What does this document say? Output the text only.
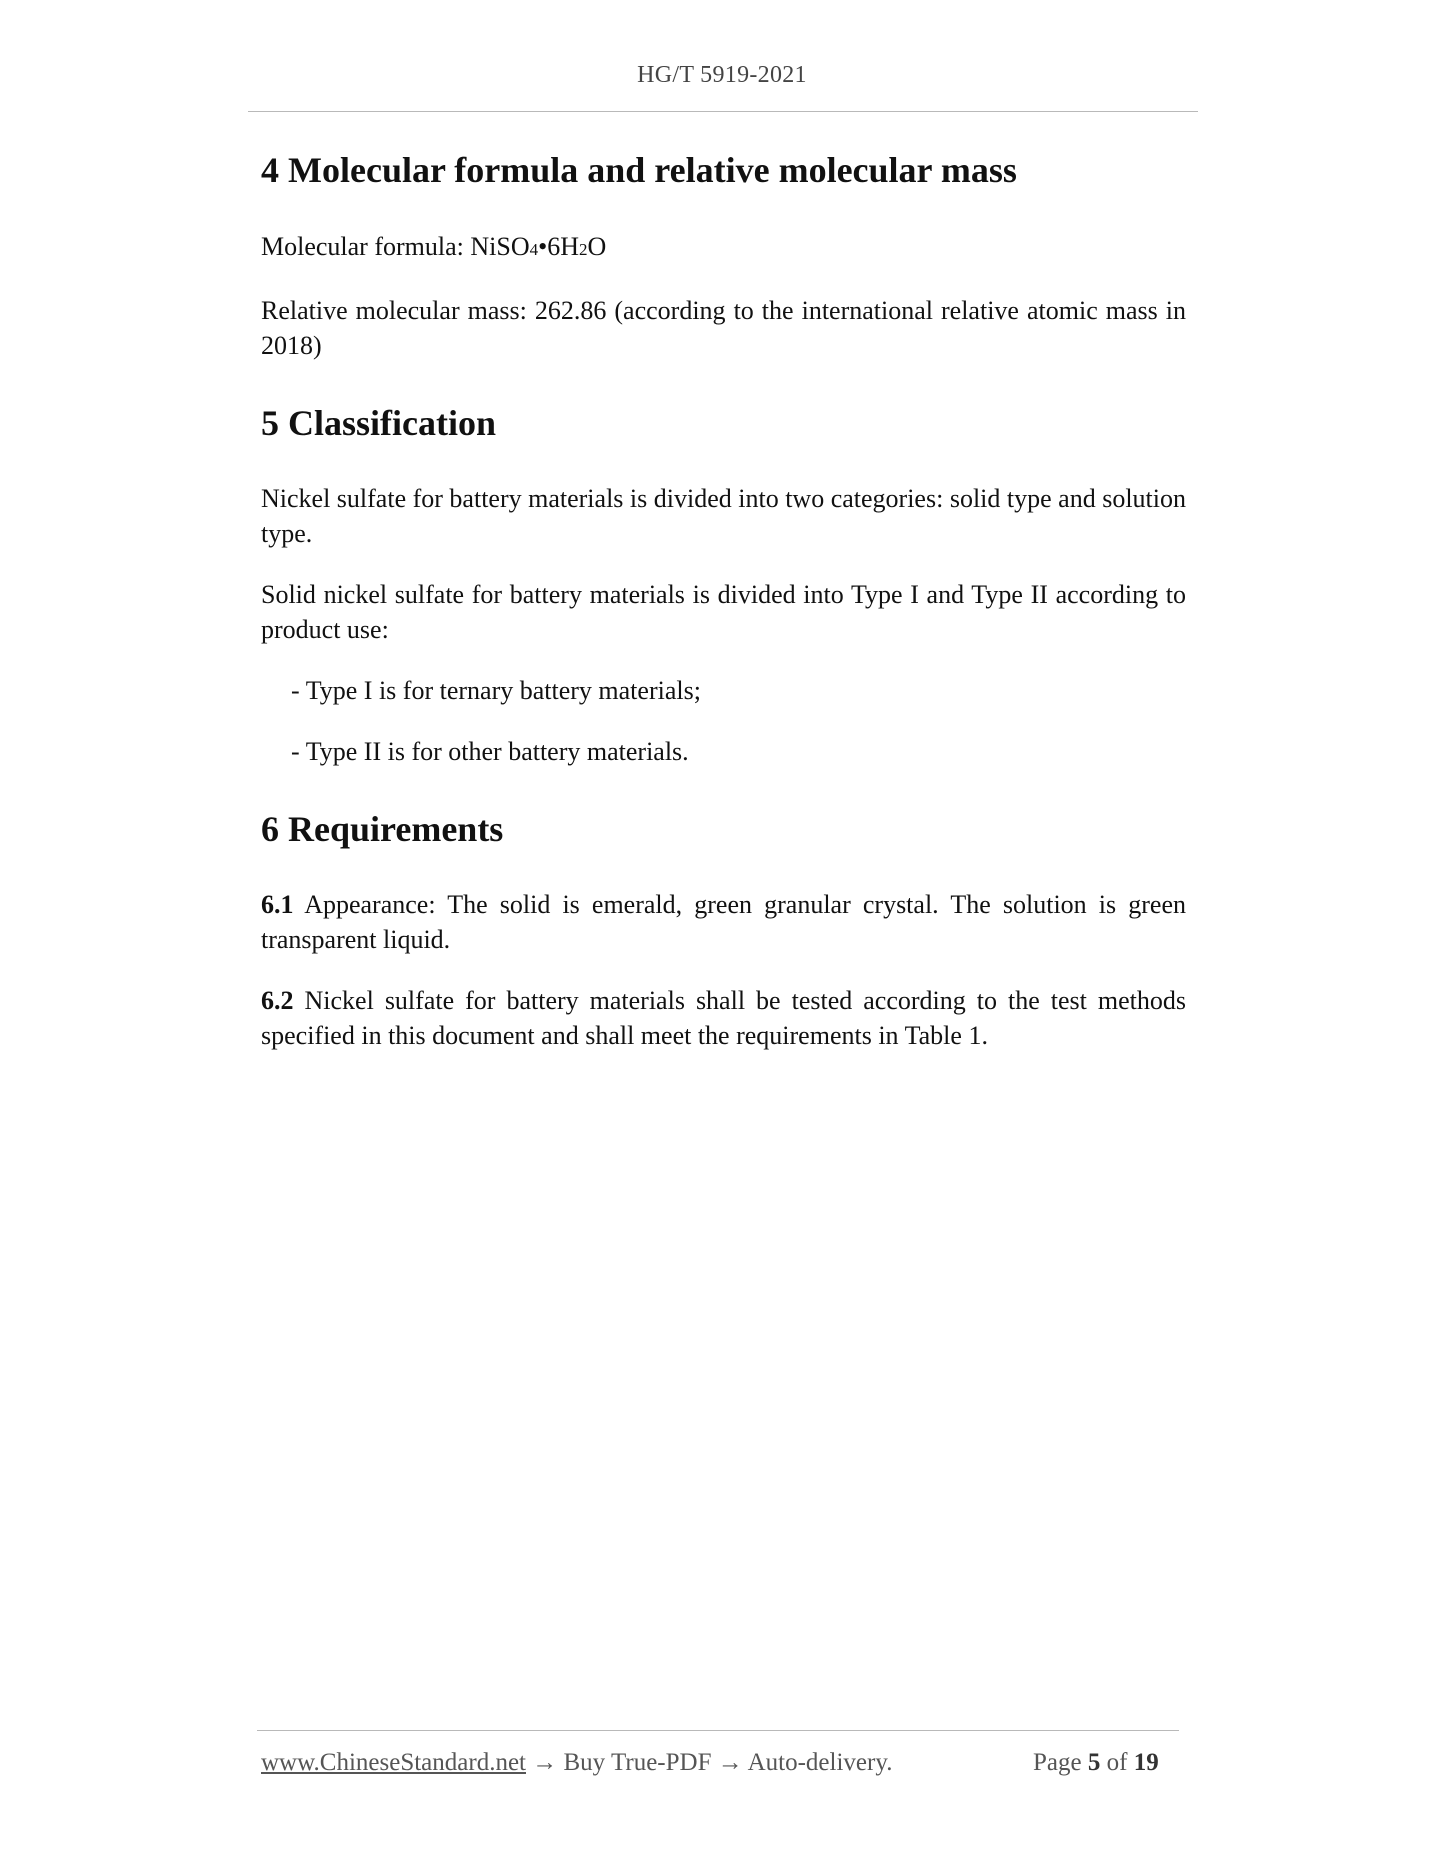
HG/T 5919-2021
4 Molecular formula and relative molecular mass

Molecular formula: NiSO4•6H2O

Relative molecular mass: 262.86 (according to the international relative atomic mass in 2018)

5 Classification

Nickel sulfate for battery materials is divided into two categories: solid type and solution type.

Solid nickel sulfate for battery materials is divided into Type I and Type II according to product use:

- Type I is for ternary battery materials;

- Type II is for other battery materials.

6 Requirements

6.1 Appearance: The solid is emerald, green granular crystal. The solution is green transparent liquid.

6.2 Nickel sulfate for battery materials shall be tested according to the test methods specified in this document and shall meet the requirements in Table 1.

www.ChineseStandard.net → Buy True-PDF → Auto-delivery.	Page 5 of 19
